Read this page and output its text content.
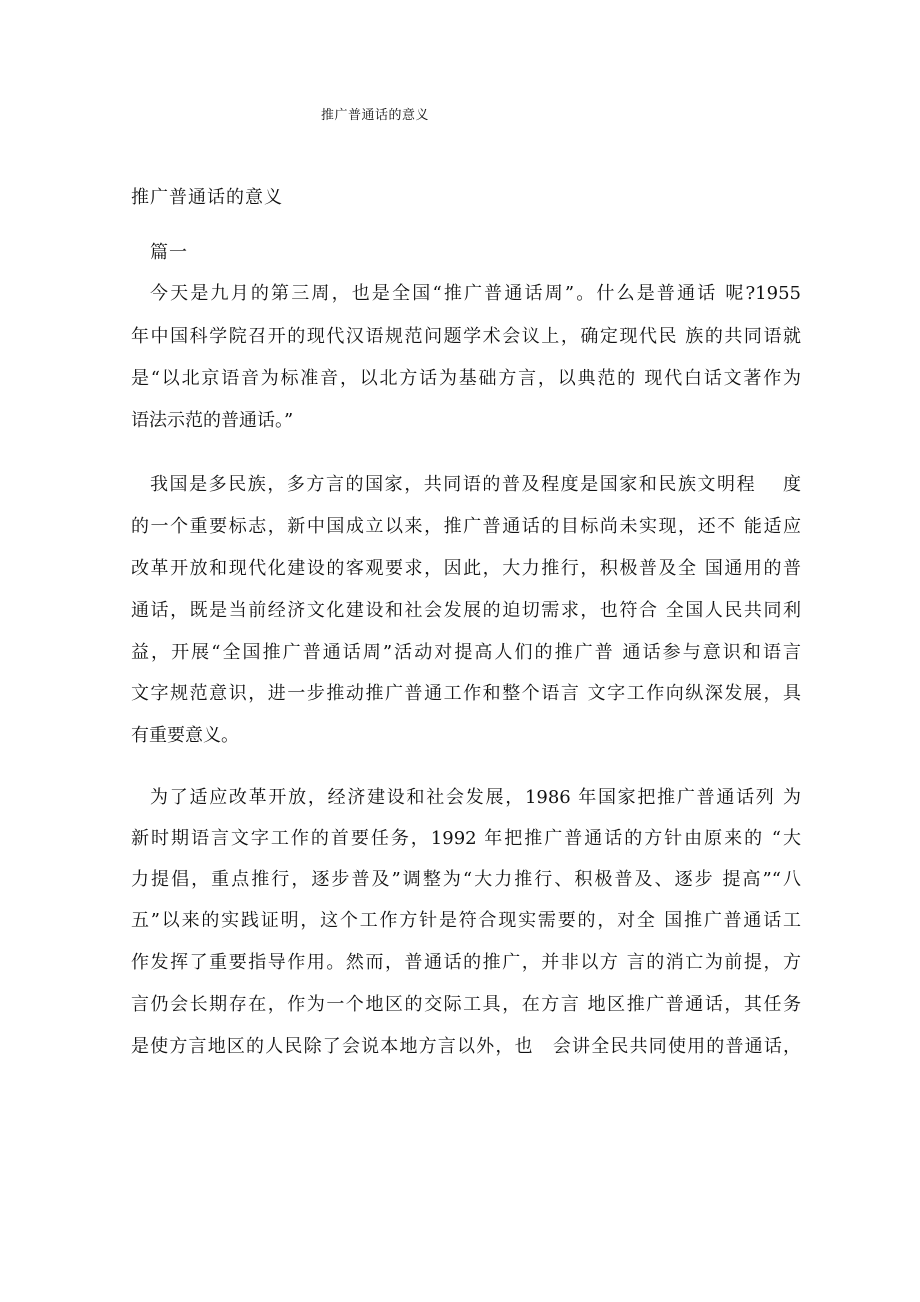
推广普通话的意义
推广普通话的意义
篇一
今天是九月的第三周，也是全国“推广普通话周”。什么是普通话 呢?1955
年中国科学院召开的现代汉语规范问题学术会议上，确定现代民 族的共同语就
是“以北京语音为标准音，以北方话为基础方言，以典范的 现代白话文著作为
语法示范的普通话。”
我国是多民族，多方言的国家，共同语的普及程度是国家和民族文明程　 度
的一个重要标志，新中国成立以来，推广普通话的目标尚未实现，还不 能适应
改革开放和现代化建设的客观要求，因此，大力推行，积极普及全 国通用的普
通话，既是当前经济文化建设和社会发展的迫切需求，也符合 全国人民共同利
益，开展“全国推广普通话周”活动对提高人们的推广普 通话参与意识和语言
文字规范意识，进一步推动推广普通工作和整个语言 文字工作向纵深发展，具
有重要意义。
为了适应改革开放，经济建设和社会发展，1986 年国家把推广普通话列 为
新时期语言文字工作的首要任务，1992 年把推广普通话的方针由原来的 “大
力提倡，重点推行，逐步普及”调整为“大力推行、积极普及、逐步 提高”“八
五”以来的实践证明，这个工作方针是符合现实需要的，对全 国推广普通话工
作发挥了重要指导作用。然而，普通话的推广，并非以方 言的消亡为前提，方
言仍会长期存在，作为一个地区的交际工具，在方言 地区推广普通话，其任务
是使方言地区的人民除了会说本地方言以外，也　会讲全民共同使用的普通话，
